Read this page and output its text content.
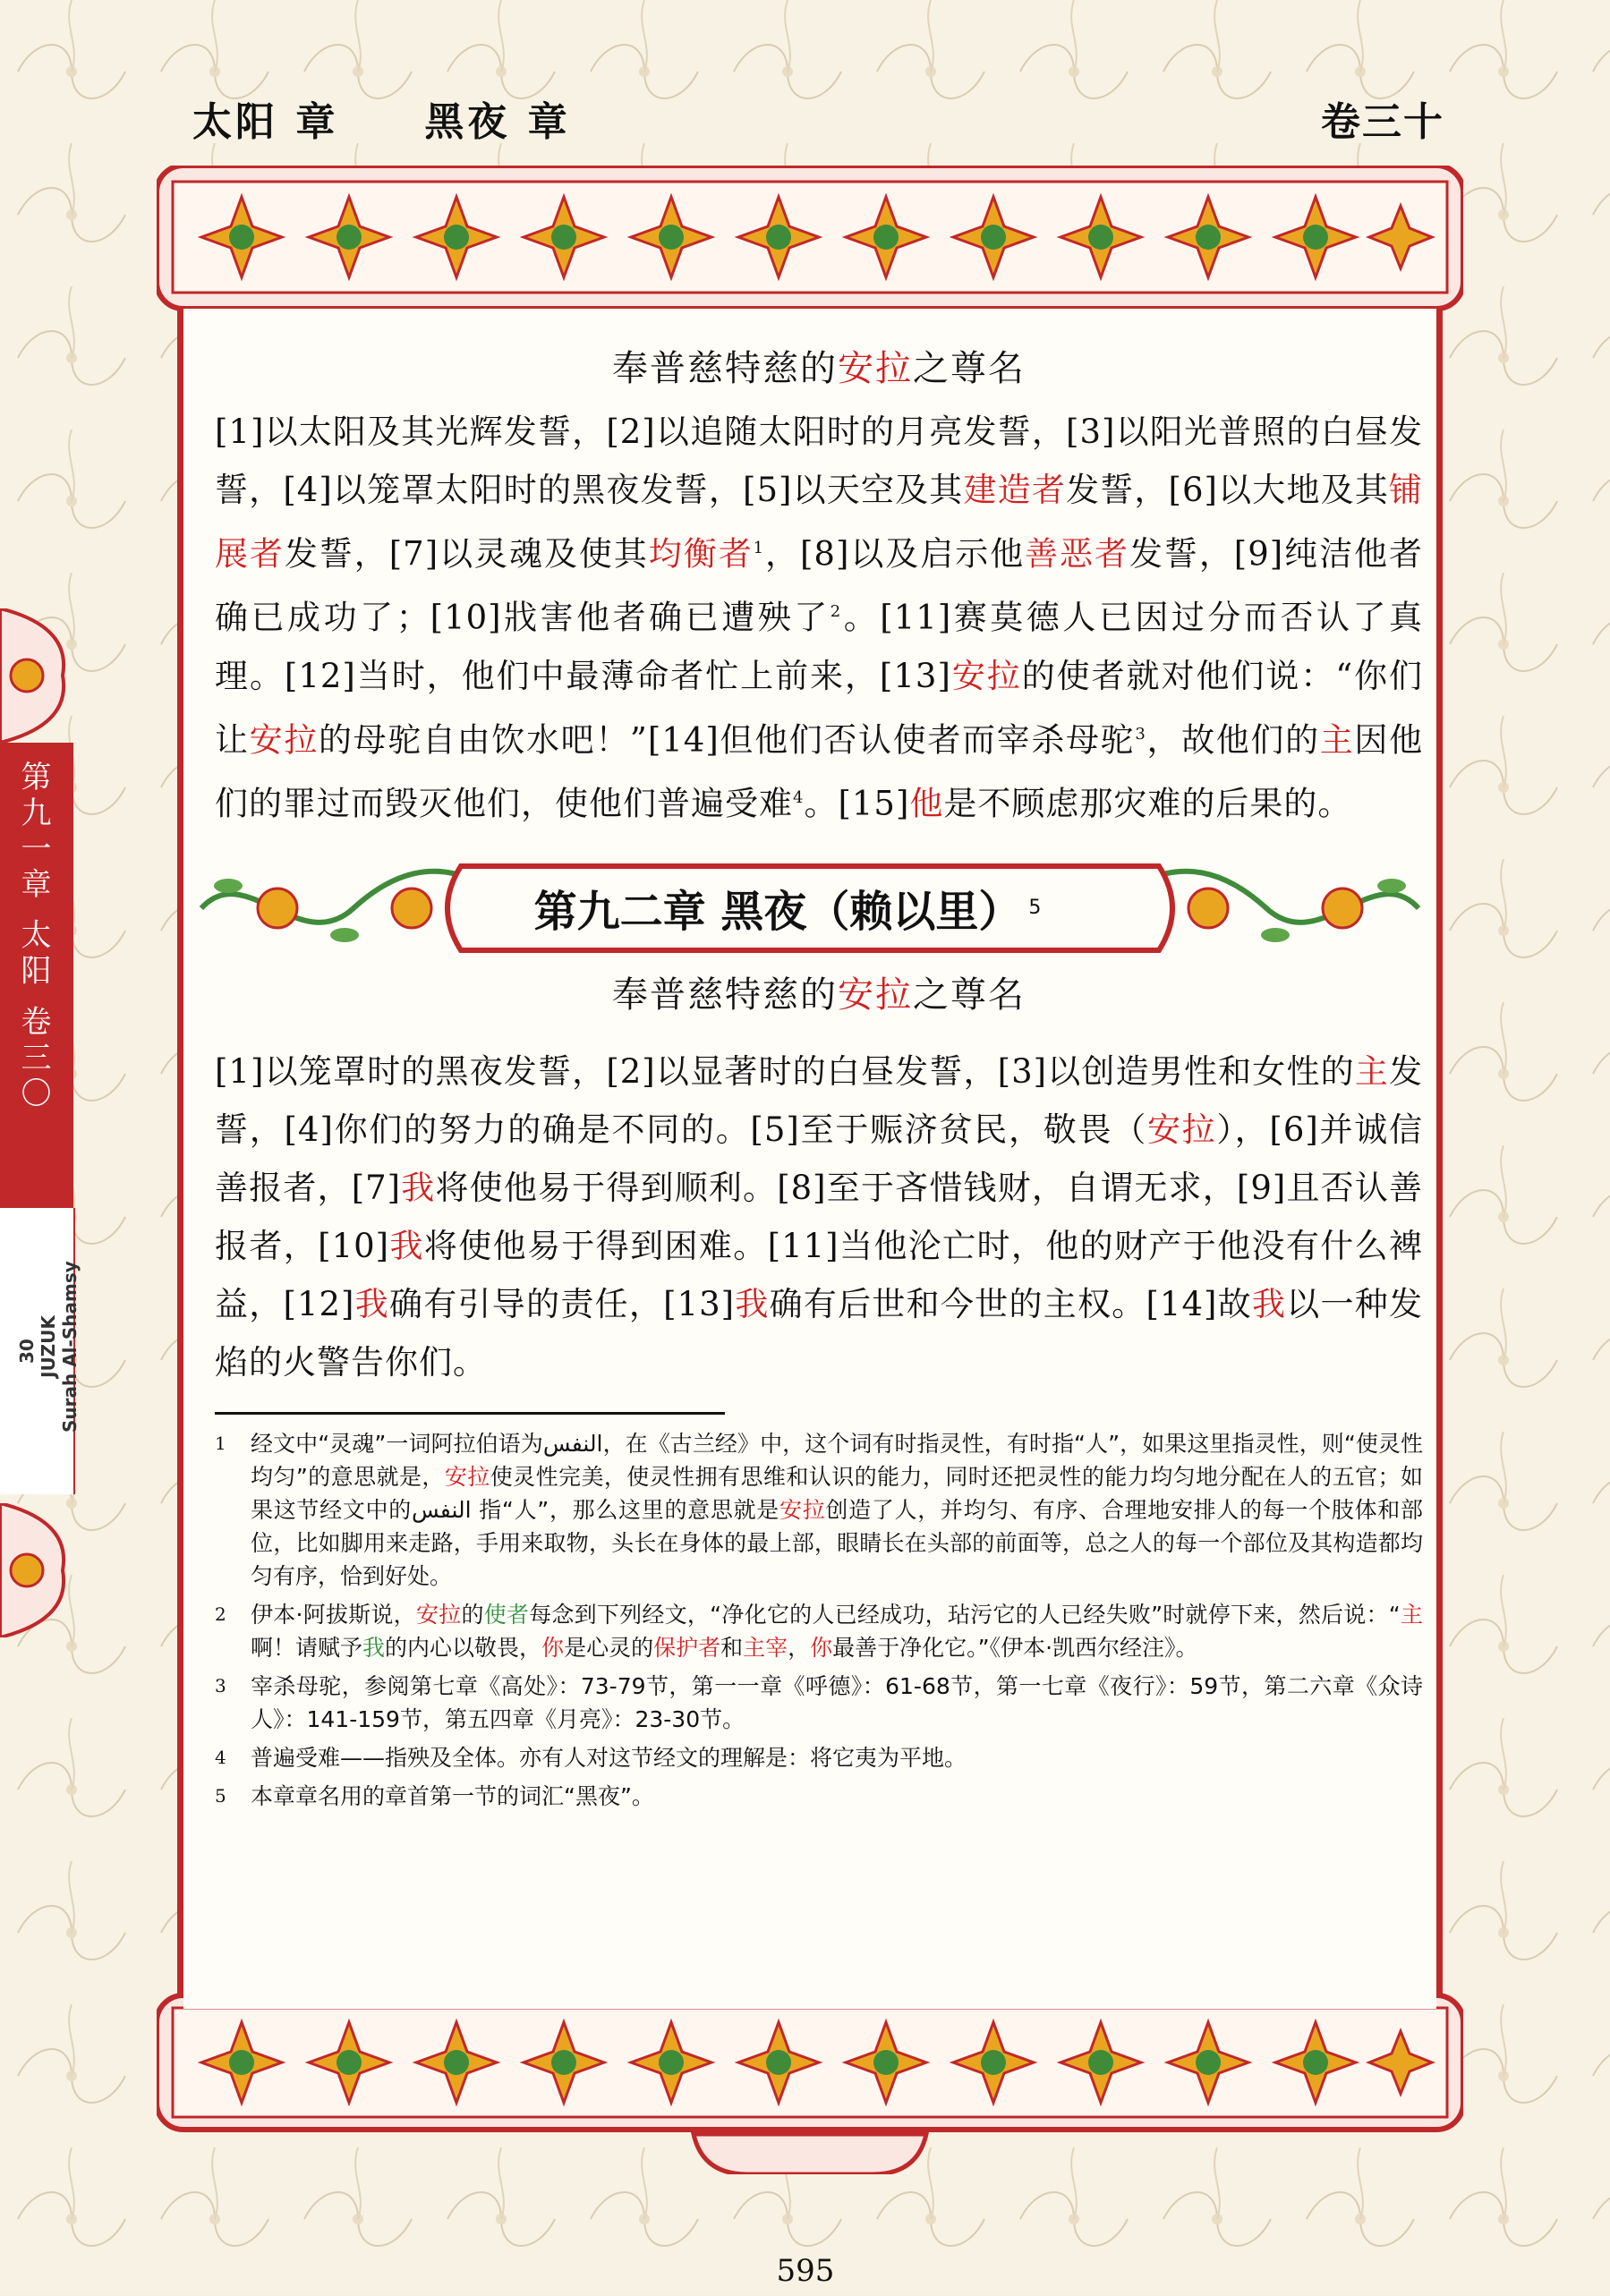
太阳 章　　黑夜 章	卷三十
奉普慈特慈的安拉之尊名
[1]以太阳及其光辉发誓，[2]以追随太阳时的月亮发誓，[3]以阳光普照的白昼发誓，[4]以笼罩太阳时的黑夜发誓，[5]以天空及其建造者发誓，[6]以大地及其铺展者发誓，[7]以灵魂及使其均衡者$^1$，[8]以及启示他善恶者发誓，[9]纯洁他者确已成功了；[10]戕害他者确已遭殃了$^2$。[11]赛莫德人已因过分而否认了真理。[12]当时，他们中最薄命者忙上前来，[13]安拉的使者就对他们说：“你们让安拉的母驼自由饮水吧！”[14]但他们否认使者而宰杀母驼$^3$，故他们的主因他们的罪过而毁灭他们，使他们普遍受难$^4$。[15]他是不顾虑那灾难的后果的。
第九二章 黑夜（赖以里） 5
奉普慈特慈的安拉之尊名
[1]以笼罩时的黑夜发誓，[2]以显著时的白昼发誓，[3]以创造男性和女性的主发誓，[4]你们的努力的确是不同的。[5]至于赈济贫民，敬畏（安拉），[6]并诚信善报者，[7]我将使他易于得到顺利。[8]至于吝惜钱财，自谓无求，[9]且否认善报者，[10]我将使他易于得到困难。[11]当他沦亡时，他的财产于他没有什么裨益，[12]我确有引导的责任，[13]我确有后世和今世的主权。[14]故我以一种发焰的火警告你们。
1	经文中“灵魂”一词阿拉伯语为النفس，在《古兰经》中，这个词有时指灵性，有时指“人”，如果这里指灵性，则“使灵性均匀”的意思就是，安拉使灵性完美，使灵性拥有思维和认识的能力，同时还把灵性的能力均匀地分配在人的五官；如果这节经文中的النفس 指“人”，那么这里的意思就是安拉创造了人，并均匀、有序、合理地安排人的每一个肢体和部位，比如脚用来走路，手用来取物，头长在身体的最上部，眼睛长在头部的前面等，总之人的每一个部位及其构造都均匀有序，恰到好处。
2	伊本·阿拔斯说，安拉的使者每念到下列经文，“净化它的人已经成功，玷污它的人已经失败”时就停下来，然后说：“主啊！请赋予我的内心以敬畏，你是心灵的保护者和主宰，你最善于净化它。”《伊本·凯西尔经注》。
3	宰杀母驼，参阅第七章《高处》：73-79节，第一一章《呼德》：61-68节，第一七章《夜行》：59节，第二六章《众诗人》：141-159节，第五四章《月亮》：23-30节。
4	普遍受难——指殃及全体。亦有人对这节经文的理解是：将它夷为平地。
5	本章章名用的章首第一节的词汇“黑夜”。
第九一章 太阳 卷三〇
30 JUZUK Surah Al-Shamsy
595
